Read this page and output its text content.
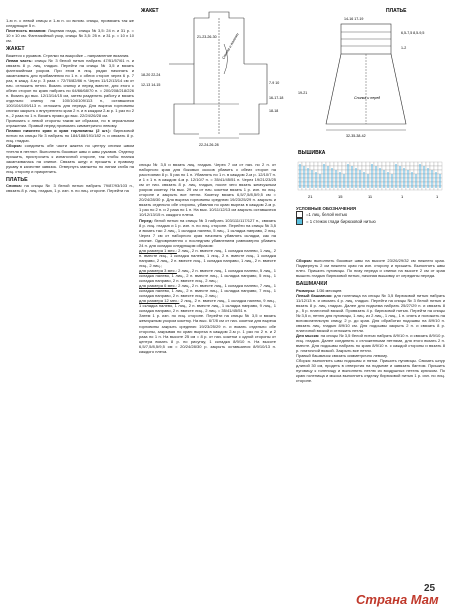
ЖАКЕТ
21-23-26-30 Спинка и полочки
18-20 22-24
12-13 14-15
22-24-26-28
7-9 10
16-17-18
18-18
ПЛАТЬЕ
6,5-7,5 8,5-9,5
1-2
14-16 17-19
19-21
Спинка и перед
32-35-38-42
ВЫШИВКА
21	15	11	1	1
УСЛОВНЫЕ ОБОЗНАЧЕНИЯ
=1 лиц. белой нитью
= 1 стежок глади бирюзовой нитью

1-ю п. с левой спицы и 1-ю п. со вспом. спицы, провязать так же следующие 5 п.

Плотность вязания: Лицевая гладь, спицы № 3,5: 24 п. и 31 р. = 10 x 10 см. Фантазийный узор, спицы № 3,5: 25 п. и 31 р. = 10 x 10 см.

ЖАКЕТ

Вяжется с рукавов. Стрелки на выкройке – направление вязания.

Левая часть: спицы № 3 белой нитью набрать 47/51/57/61 п. и связать 8 р. лиц. гладью. Перейти на спицы № 3,5 и вязать фантазийным узором. При этом в лиц. рядах начинать и заканчивать для прибавления по 1 п. с обеих сторон через 6 р. 7 раз, в кажд. 4-м р. 3 раза = 72/76/82/86 п. Через 11/12/13/14 см от нач. отложить петли. Вязать спинку и перед вместе, для этого с обеих сторон по краю набрать по 64/66/68/70 п. = 200/208/218/226 п. Вязать до выс. 12/13/14/15 см, затем разделить работу и вязать отдельно спинку на 100/104/109/113 п., оставшиеся 100/104/109/113 п. отложить для переда. Для выреза горловины спинки закрыть с внутреннего края 2 п. и в каждом 2-м р. 1 раз по 2 п., 2 раза по 1 п. Вязать прямо до выс. 22/24/26/28 см.

Провязать с левой стороны таким же образом, но в зеркальном отражении. Правый перед провязать симметрично левому.

Планки нижнего края и края горловины (2 шт.): бирюзовой нитью на спицы № 3 набрать по 184/188/191/182 п. и связать 8 р. лиц. гладью.

Сборка: соединить обе части жакета по центру спинки швом «петля в петлю». Выполнить боковые швы и швы рукавов. Отделку пришить, пристрочить к изнаночной стороне, так чтобы планка заканчивалась на спинке. Связать шнур и пришить к правому рукаву в качестве завязок. Отвернуть манжеты по линии сгиба на лиц. сторону и прикрепить.

ПЛАТЬЕ

Спинка: на спицы № 3 белой нитью набрать 79/87/93/103 п., связать 8 р. лиц. гладью, 1 р. изн. п. по лиц. стороне. Перейти на

спицы № 3,5 и вязать лиц. гладью. Через 7 см от нач. по 2 п. от наборного края для боковых скосов убавить с обеих сторон на расстоянии 8 р. 5 раз по 1 п. Убавлять по 1 п. в каждом 2-м р. 12/10/7 п. и 1 х 1 п. в каждом 4-м р. 12/10/7 п. = 35/41/45/51 п. Через 19/21/23/25 см от нач. связать 8 р. лиц. гладью, после чего вязать жемчужным узором кокетку. На выс. 29 см от нач. кокетки вязать 1 р. изн. по лиц. стороне и закрыть все петли. Кокетку вязать 6,5/7,5/8,5/9,5 см = 20/24/28/30 р. Для выреза горловины среднюю 19/23/25/29 п. закрыть и вязать отдельно обе стороны, убавляя по краю выреза в каждом 2-м р. 1 раз по 2 п. и 2 раза по 1 п. На выс. 10/11/12/13 см закрыть оставшиеся 10/12/13/15 п. каждого плеча.

Перед: белой нитью на спицы № 3 набрать 103/111/117/127 п., связать 8 р. лиц. гладью и 1 р. изн. п. по лиц. стороне. Перейти на спицы № 3,5 и вязать так: 2 лиц., 1 складка налево, 5 лиц., 1 складка направо, 2 лиц. Через 7 см от наборного края начинать убавлять складки, как на спинке. Одновременно с последним убавлением равномерно убавить 24 п. для складок следующим образом:

для размера 1 мес.: 2 лиц., 2 п. вместе лиц., 1 складка налево, 1 лиц., 2 п. вместе лиц., 1 складка налево, 1 лиц., 2 п. вместе лиц., 1 складка направо, 2 лиц., 2 п. вместе лиц., 1 складка направо, 1 лиц., 2 п. вместе лиц., 2 лиц.;

для размера 3 мес.: 2 лиц., 2 п. вместе лиц., 1 складка налево, 5 лиц., 1 складка налево, 1 лиц., 2 п. вместе лиц., 1 складка направо, 5 лиц., 1 складка направо, 2 п. вместе лиц., 2 лиц.;

для размера 6 мес.: 2 лиц., 2 п. вместе лиц., 1 складка налево, 7 лиц., 1 складка налево, 1 лиц., 2 п. вместе лиц., 1 складка направо, 7 лиц., 1 складка направо, 2 п. вместе лиц., 2 лиц.;

для размера 12 мес.: 2 лиц., 2 п. вместе лиц., 1 складка налево, 9 лиц., 1 складка налево, 1 лиц., 2 п. вместе лиц., 1 складка направо, 9 лиц., 1 складка направо, 2 п. вместе лиц., 2 лиц. = 35/41/45/51 п.

Затем 1 р. изн. по лиц. стороне. Перейти на спицы № 3,5 и вязать жемчужным узором кокетку. На выс. 6/7/8 см от нач. кокетки для выреза горловины закрыть среднюю 19/23/25/29 п. и вязать отдельно обе стороны, закрывая по краю выреза в каждом 2-м р. 1 раз по 2 п. и 2 раза по 1 п. На высоте 25 см = 8 р. от нач. кокетки с одной стороны от центра вязать 8 р. по рисунку, 1 складка 8/9/10 п. На высоте 6,5/7,5/8,5/9,5 см = 20/24/28/30 р. закрыть оставшиеся 8/9/10/13 п. каждого плеча.

Сборка: выполнить боковые швы на высоте 23/26/29/32 см нижнего края. Подвернуть 2 см нижнего края на изн. сторону и пришить. Выполнить швы плеч. Пришить пуговицы. По низу переда и спинки на высоте 2 см от края вышить гладью бирюзовой нитью, начиная вышивку от середины переда.

БАШМАЧКИ

Размеры: 1/36 месяцев

Левый башмачок: для голенища на спицы № 3,5 бирюзовой нитью набрать 11/12/13 п. и связать 4 р. лиц. гладью. Перейти на спицы № 3 белой нитью и вязать 8 р. лиц. гладью. Далее для подъема набрать 25/27/29 п. и связать 8 р., 5 р. платочной вязкой. Провязать 4 р. бирюзовой нитью. Перейти на спицы № 3,5 и, петлю для пуговицы, 1 лиц. из 2 лиц., 1 лиц., 1 п. снять и положить на вспомогательную спицу, 2 р. до края. Для обработки подошвы на 8/9/10 п. связать лиц. гладью 8/9/10 см. Для подошвы закрыть 2 п. и связать 8 р. платочной вязкой и отложить петли.

Для мыска: на спицы № 3,5 белой нитью набрать 8/9/10 п. и связать 8/9/10 р. лиц. гладью. Далее соединить с отложенными петлями, для этого вязать 2 п. вместе. Для подошвы набрать по краю 8/9/10 п. с каждой стороны и вязать 8 р. платочной вязкой. Закрыть все петли.

Правый башмачок связать симметрично левому.

Сборка: выполнить швы подошвы и пятки. Пришить пуговицы. Связать шнур длиной 30 см, продеть в отверстия на подъеме и завязать бантом. Пришить пуговицу к голенищу и выполнить петлю из воздушных петель крючком. По краю голенища и мыска выполнить отделку бирюзовой нитью 1 р. изн. по лиц. стороне.

25
Страна Мам
